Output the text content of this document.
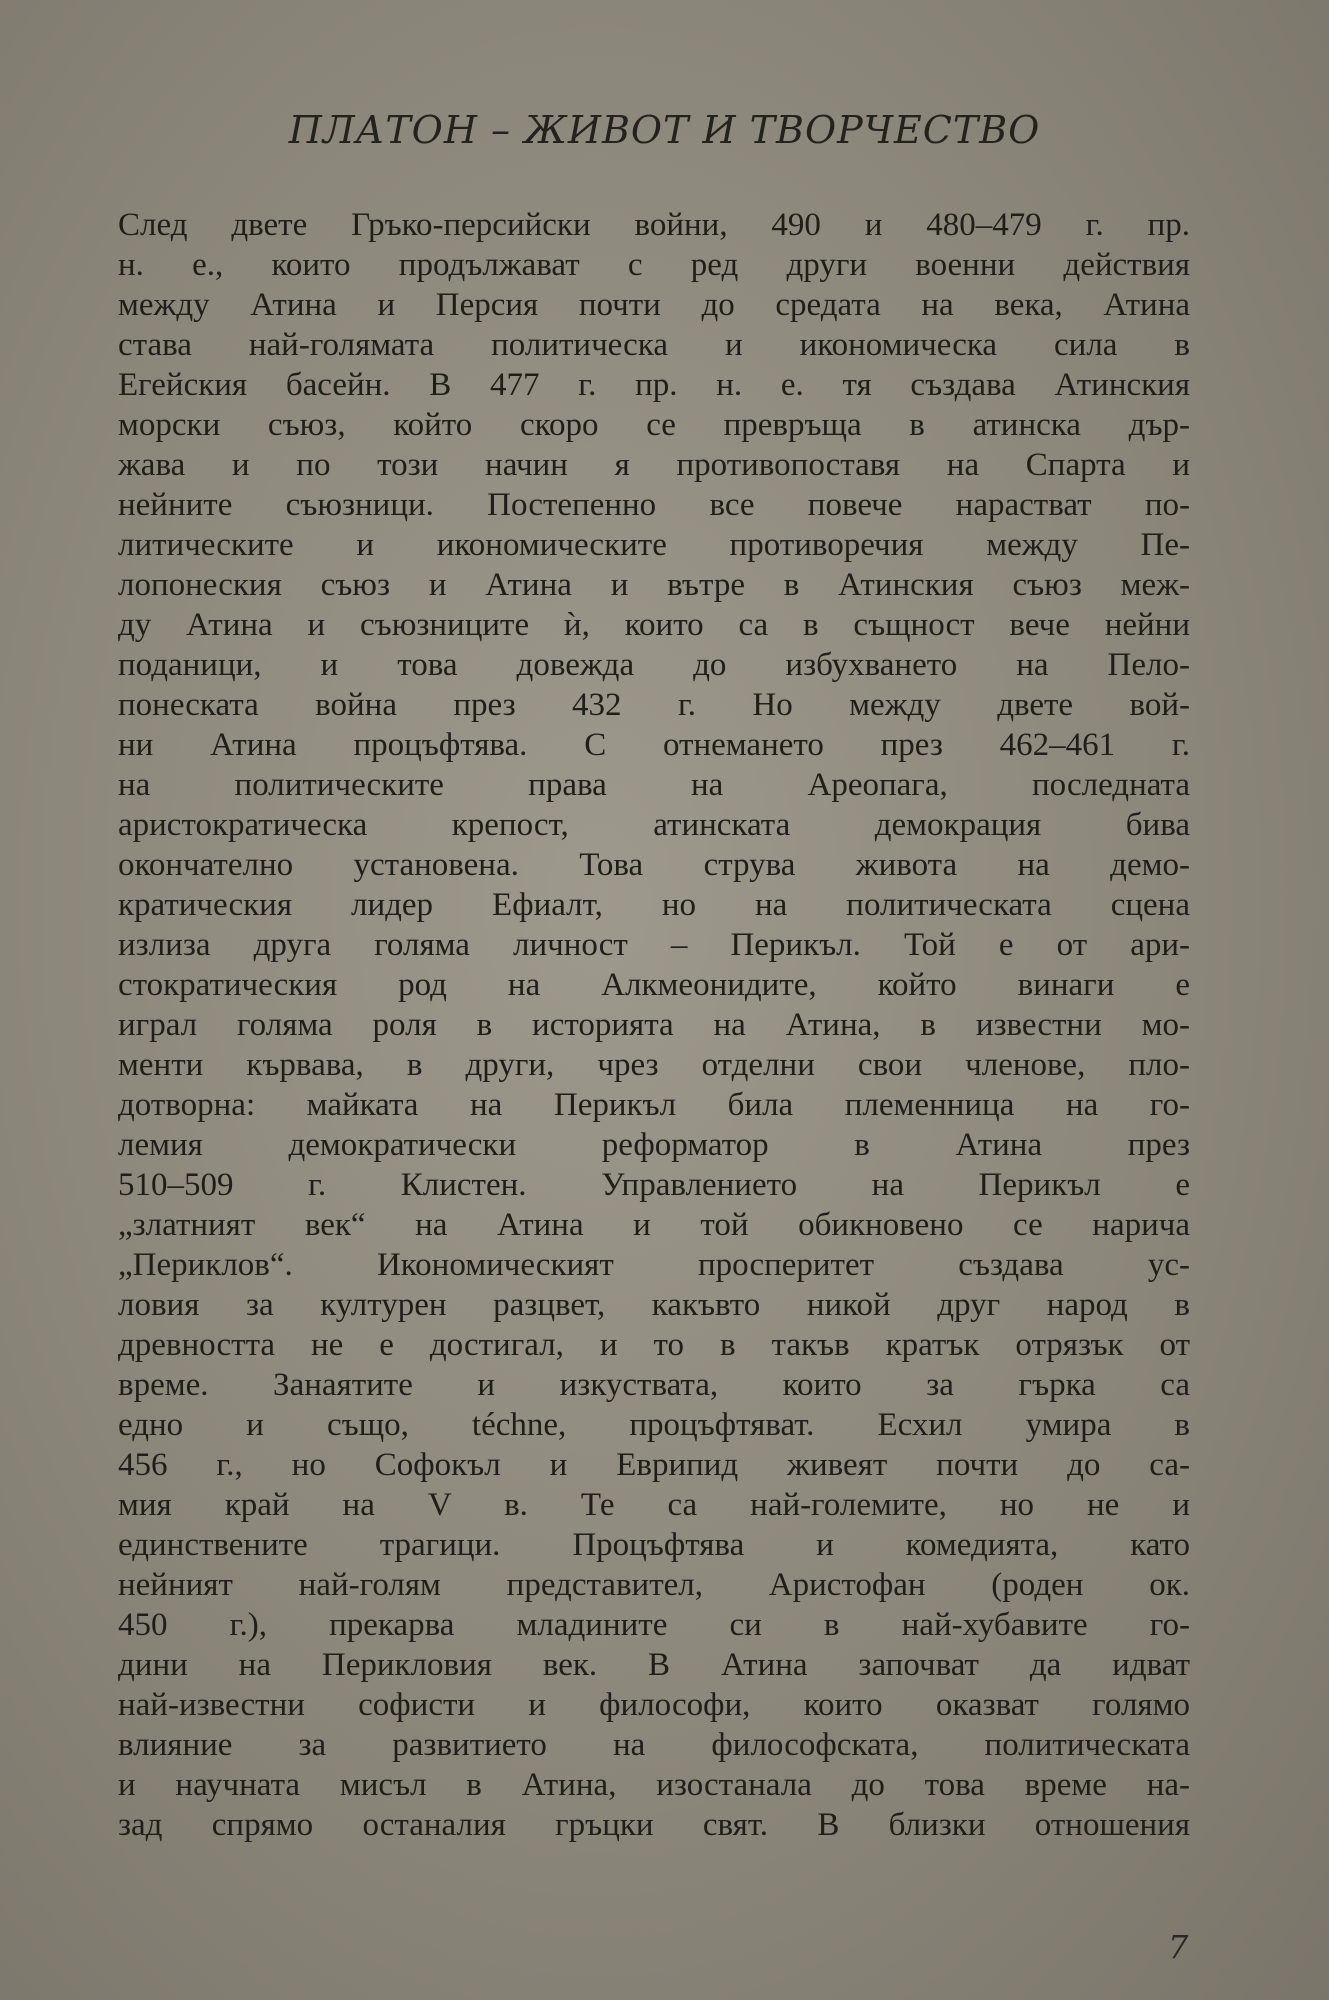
ПЛАТОН – ЖИВОТ И ТВОРЧЕСТВО
След двете Гръко-персийски войни, 490 и 480–479 г. пр.
н. е., които продължават с ред други военни действия
между Атина и Персия почти до средата на века, Атина
става най-голямата политическа и икономическа сила в
Егейския басейн. В 477 г. пр. н. е. тя създава Атинския
морски съюз, който скоро се превръща в атинска дър-
жава и по този начин я противопоставя на Спарта и
нейните съюзници. Постепенно все повече нарастват по-
литическите и икономическите противоречия между Пе-
лопонеския съюз и Атина и вътре в Атинския съюз меж-
ду Атина и съюзниците ѝ, които са в същност вече нейни
поданици, и това довежда до избухването на Пело-
понеската война през 432 г. Но между двете вой-
ни Атина процъфтява. С отнемането през 462–461 г.
на политическите права на Ареопага, последната
аристократическа крепост, атинската демокрация бива
окончателно установена. Това струва живота на демо-
кратическия лидер Ефиалт, но на политическата сцена
излиза друга голяма личност – Перикъл. Той е от ари-
стократическия род на Алкмеонидите, който винаги е
играл голяма роля в историята на Атина, в известни мо-
менти кървава, в други, чрез отделни свои членове, пло-
дотворна: майката на Перикъл била племенница на го-
лемия демократически реформатор в Атина през
510–509 г. Клистен. Управлението на Перикъл е
„златният век“ на Атина и той обикновено се нарича
„Периклов“. Икономическият просперитет създава ус-
ловия за културен разцвет, какъвто никой друг народ в
древността не е достигал, и то в такъв кратък отрязък от
време. Занаятите и изкуствата, които за гърка са
едно и също, téchne, процъфтяват. Есхил умира в
456 г., но Софокъл и Еврипид живеят почти до са-
мия край на V в. Те са най-големите, но не и
единствените трагици. Процъфтява и комедията, като
нейният най-голям представител, Аристофан (роден ок.
450 г.), прекарва младините си в най-хубавите го-
дини на Перикловия век. В Атина започват да идват
най-известни софисти и философи, които оказват голямо
влияние за развитието на философската, политическата
и научната мисъл в Атина, изостанала до това време на-
зад спрямо останалия гръцки свят. В близки отношения
7
